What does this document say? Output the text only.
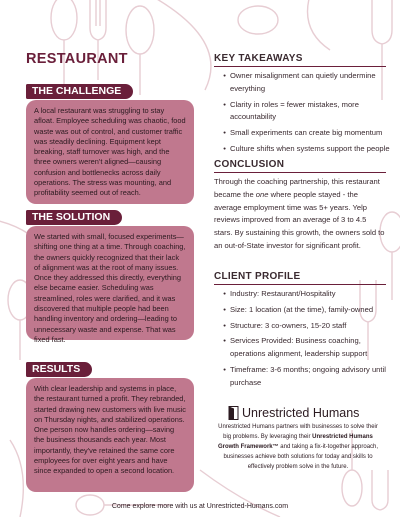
RESTAURANT
THE CHALLENGE
A local restaurant was struggling to stay afloat. Employee scheduling was chaotic, food waste was out of control, and customer traffic was steadily declining. Equipment kept breaking, staff turnover was high, and the three owners weren't aligned—causing confusion and bottlenecks across daily operations. The stress was mounting, and profitability seemed out of reach.
THE SOLUTION
We started with small, focused experiments—shifting one thing at a time. Through coaching, the owners quickly recognized that their lack of alignment was at the root of many issues. Once they addressed this directly, everything else became easier. Scheduling was streamlined, roles were clarified, and it was discovered that multiple people had been handling inventory and ordering—leading to unnecessary waste and expense. That was fixed fast.
RESULTS
With clear leadership and systems in place, the restaurant turned a profit. They rebranded, started drawing new customers with live music on Thursday nights, and stabilized operations. One person now handles ordering—saving the business thousands each year. Most importantly, they've retained the same core employees for over eight years and have since expanded to open a second location.
KEY TAKEAWAYS
• Owner misalignment can quietly undermine everything
• Clarity in roles = fewer mistakes, more accountability
• Small experiments can create big momentum
• Culture shifts when systems support the people
CONCLUSION
Through the coaching partnership, this restaurant became the one where people stayed - the average employment time was 5+ years. Yelp reviews improved from an average of 3 to 4.5 stars. By sustaining this growth, the owners sold to an out-of-State investor for significant profit.
CLIENT PROFILE
• Industry: Restaurant/Hospitality
• Size: 1 location (at the time), family-owned
• Structure: 3 co-owners, 15-20 staff
• Services Provided: Business coaching, operations alignment, leadership support
• Timeframe: 3-6 months; ongoing advisory until purchase
Unrestricted Humans
Unrestricted Humans partners with businesses to solve their big problems. By leveraging their Unrestricted Humans Growth Framework™ and taking a fix-it-together approach, businesses achieve both solutions for today and skills to effectively problem solve in the future.
Come explore more with us at Unrestricted-Humans.com
